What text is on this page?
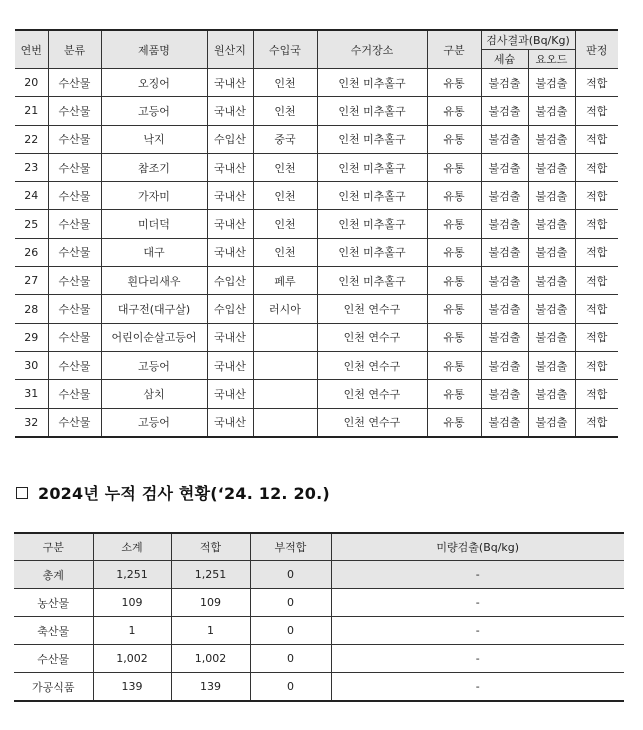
연번	분류	제품명	원산지	수입국	수거장소	구분	검사결과(Bq/Kg)		판정
							세슘	요오드	
20	수산물	오징어	국내산	인천	인천 미추홀구	유통	불검출	불검출	적합
21	수산물	고등어	국내산	인천	인천 미추홀구	유통	불검출	불검출	적합
22	수산물	낙지	수입산	중국	인천 미추홀구	유통	불검출	불검출	적합
23	수산물	참조기	국내산	인천	인천 미추홀구	유통	불검출	불검출	적합
24	수산물	가자미	국내산	인천	인천 미추홀구	유통	불검출	불검출	적합
25	수산물	미더덕	국내산	인천	인천 미추홀구	유통	불검출	불검출	적합
26	수산물	대구	국내산	인천	인천 미추홀구	유통	불검출	불검출	적합
27	수산물	흰다리새우	수입산	페루	인천 미추홀구	유통	불검출	불검출	적합
28	수산물	대구전(대구살)	수입산	러시아	인천 연수구	유통	불검출	불검출	적합
29	수산물	어린이순살고등어	국내산		인천 연수구	유통	불검출	불검출	적합
30	수산물	고등어	국내산		인천 연수구	유통	불검출	불검출	적합
31	수산물	삼치	국내산		인천 연수구	유통	불검출	불검출	적합
32	수산물	고등어	국내산		인천 연수구	유통	불검출	불검출	적합
2024년 누적 검사 현황(‘24. 12. 20.)
구분	소계	적합	부적합	미량검출(Bq/kg)
총계	1,251	1,251	0	-
농산물	109	109	0	-
축산물	1	1	0	-
수산물	1,002	1,002	0	-
가공식품	139	139	0	-
